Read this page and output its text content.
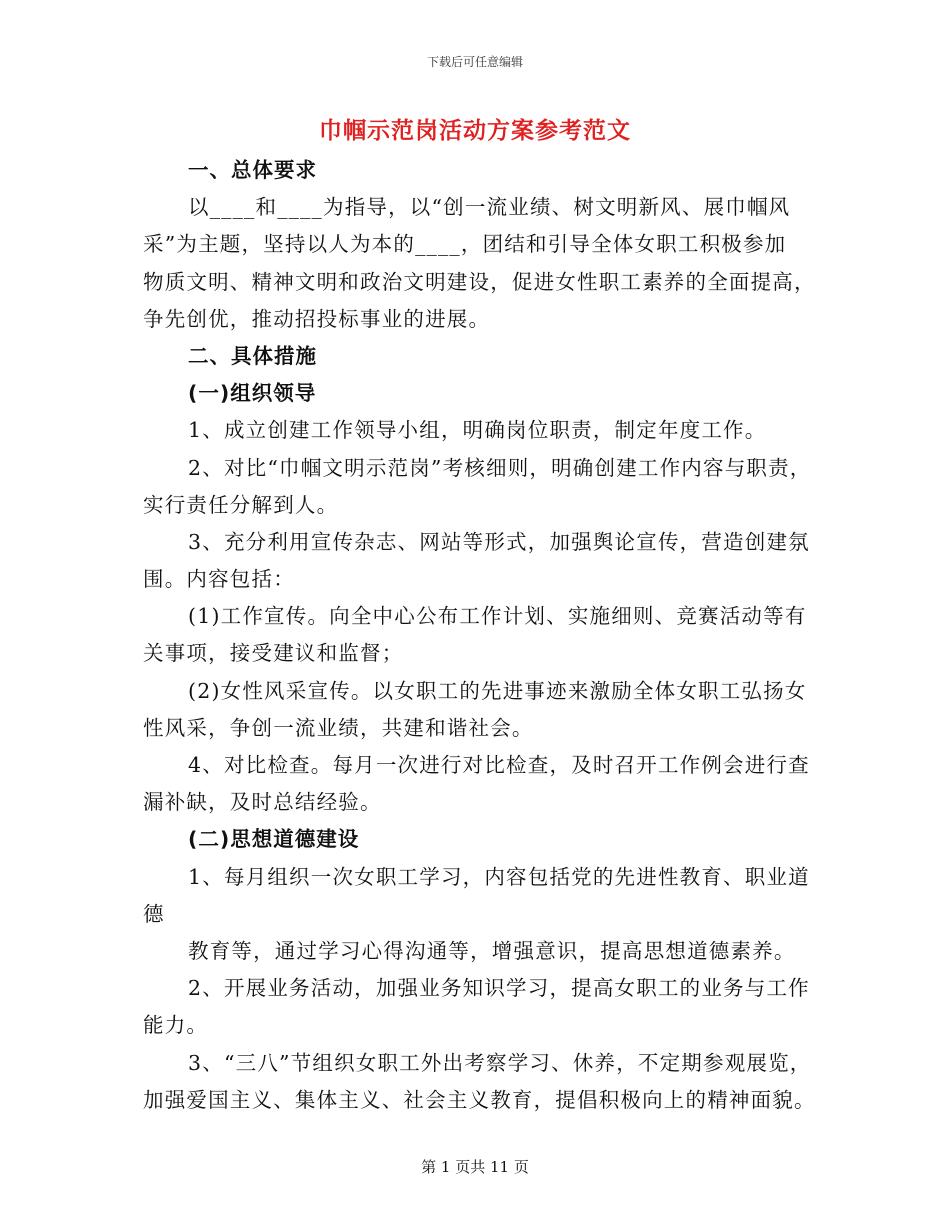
下载后可任意编辑
巾帼示范岗活动方案参考范文
一、总体要求
以____和____为指导，以“创一流业绩、树文明新风、展巾帼风
采”为主题，坚持以人为本的____，团结和引导全体女职工积极参加
物质文明、精神文明和政治文明建设，促进女性职工素养的全面提高，
争先创优，推动招投标事业的进展。
二、具体措施
(一)组织领导
1、成立创建工作领导小组，明确岗位职责，制定年度工作。
2、对比“巾帼文明示范岗”考核细则，明确创建工作内容与职责，
实行责任分解到人。
3、充分利用宣传杂志、网站等形式，加强舆论宣传，营造创建氛
围。内容包括：
(1)工作宣传。向全中心公布工作计划、实施细则、竞赛活动等有
关事项，接受建议和监督；
(2)女性风采宣传。以女职工的先进事迹来激励全体女职工弘扬女
性风采，争创一流业绩，共建和谐社会。
4、对比检查。每月一次进行对比检查，及时召开工作例会进行查
漏补缺，及时总结经验。
(二)思想道德建设
1、每月组织一次女职工学习，内容包括党的先进性教育、职业道
德
教育等，通过学习心得沟通等，增强意识，提高思想道德素养。
2、开展业务活动，加强业务知识学习，提高女职工的业务与工作
能力。
3、“三八”节组织女职工外出考察学习、休养，不定期参观展览，
加强爱国主义、集体主义、社会主义教育，提倡积极向上的精神面貌。
第 1 页共 11 页
